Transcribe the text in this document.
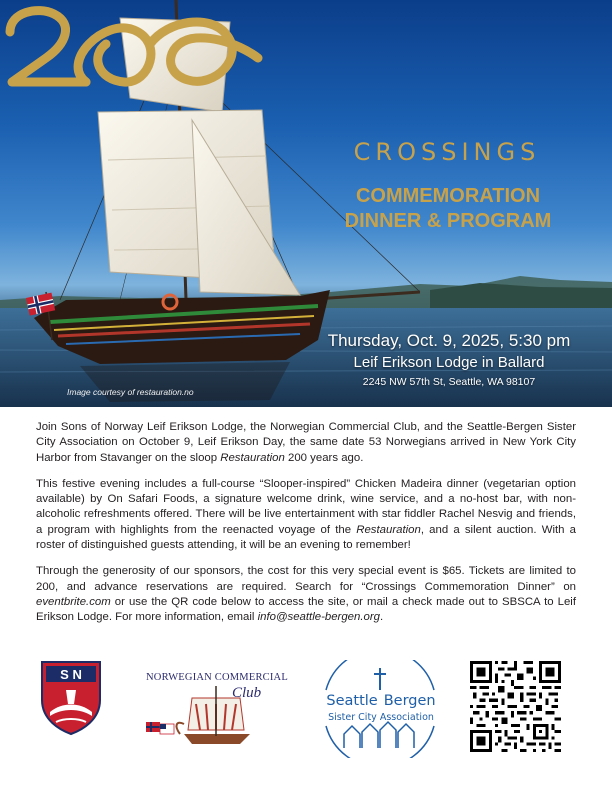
CROSSINGS
COMMEMORATION
DINNER & PROGRAM
Thursday, Oct. 9, 2025, 5:30 pm
Leif Erikson Lodge in Ballard
2245 NW 57th St, Seattle, WA 98107
Image courtesy of restauration.no

Join Sons of Norway Leif Erikson Lodge, the Norwegian Commercial Club, and the Seattle-Bergen Sister City Association on October 9, Leif Erikson Day, the same date 53 Norwegians arrived in New York City Harbor from Stavanger on the sloop Restauration 200 years ago.

This festive evening includes a full-course “Slooper-inspired” Chicken Madeira dinner (vegetarian option available) by On Safari Foods, a signature welcome drink, wine service, and a no-host bar, with non-alcoholic refreshments offered. There will be live entertainment with star fiddler Rachel Nesvig and friends, a program with highlights from the reenacted voyage of the Restauration, and a silent auction. With a roster of distinguished guests attending, it will be an evening to remember!

Through the generosity of our sponsors, the cost for this very special event is $65. Tickets are limited to 200, and advance reservations are required. Search for “Crossings Commemoration Dinner” on eventbrite.com or use the QR code below to access the site, or mail a check made out to SBSCA to Leif Erikson Lodge. For more information, email info@seattle-bergen.org.

S N	NORWEGIAN COMMERCIAL
Club	Seattle Bergen
Sister City Association
